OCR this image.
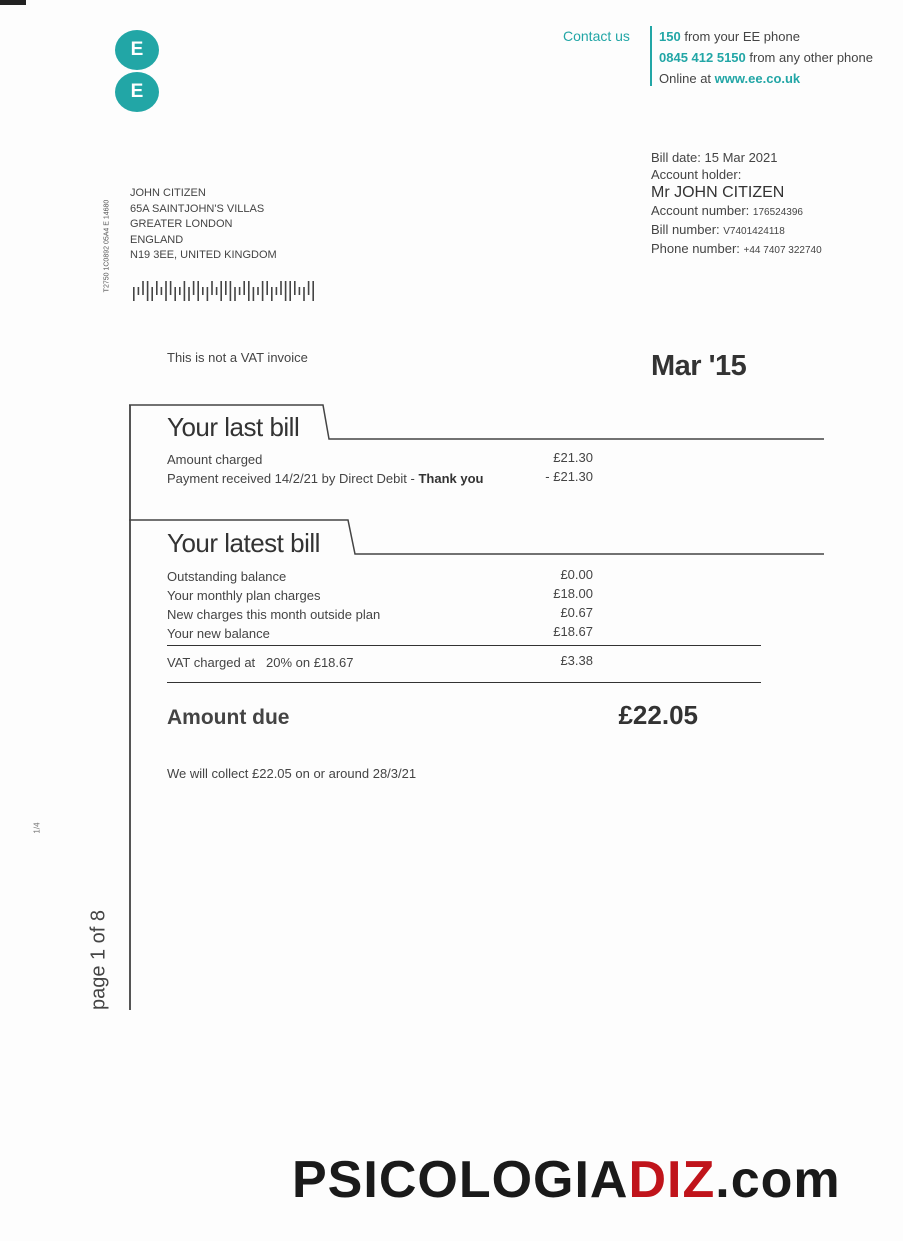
E
E
Contact us 150 from your EE phone
0845 412 5150 from any other phone
Online at www.ee.co.uk
Bill date: 15 Mar 2021
Account holder:
Mr JOHN CITIZEN
Account number: 176524396
Bill number: V7401424118
Phone number: +44 7407 322740
T2750 1C0892 05A4 E 14680
JOHN CITIZEN
65A SAINTJOHN'S VILLAS
GREATER LONDON
ENGLAND
N19 3EE, UNITED KINGDOM
This is not a VAT invoice	Mar '15
Your last bill
Amount charged	£21.30
Payment received 14/2/21 by Direct Debit - Thank you	- £21.30
Your latest bill
Outstanding balance	£0.00
Your monthly plan charges	£18.00
New charges this month outside plan	£0.67
Your new balance	£18.67
VAT charged at 20% on £18.67	£3.38
Amount due	£22.05
We will collect £22.05 on or around 28/3/21
1/4
page 1 of 8
PSICOLOGIADIZ.com
